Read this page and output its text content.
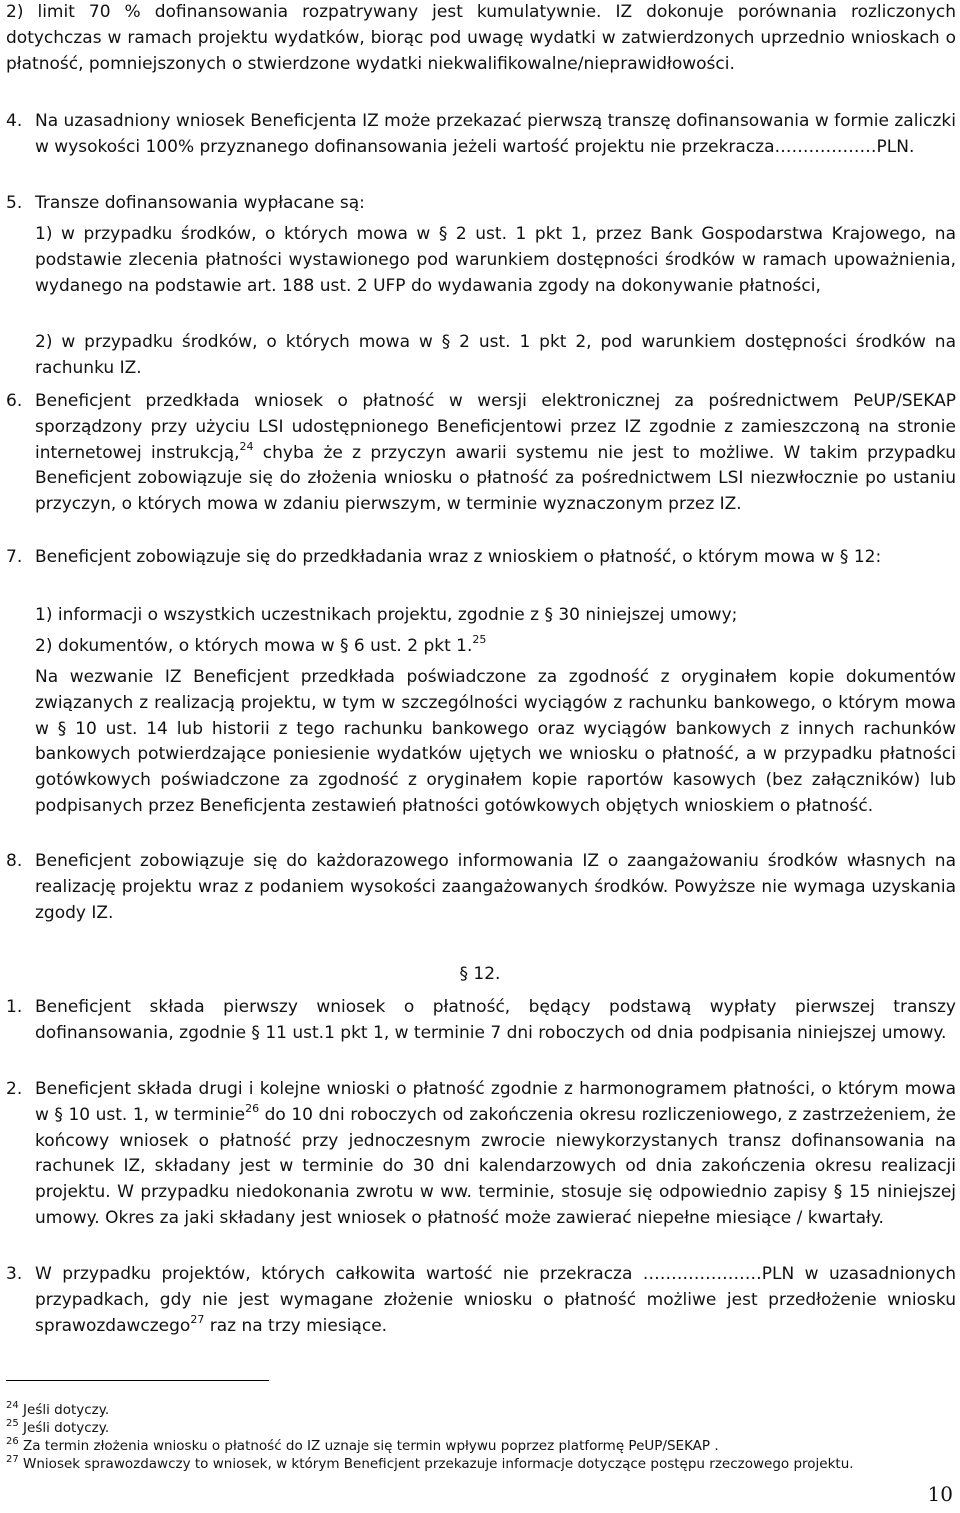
2) limit 70 % dofinansowania rozpatrywany jest kumulatywnie. IZ dokonuje porównania rozliczonych dotychczas w ramach projektu wydatków, biorąc pod uwagę wydatki w zatwierdzonych uprzednio wnioskach o płatność, pomniejszonych o stwierdzone wydatki niekwalifikowalne/nieprawidłowości.

4. Na uzasadniony wniosek Beneficjenta IZ może przekazać pierwszą transzę dofinansowania w formie zaliczki w wysokości 100% przyznanego dofinansowania jeżeli wartość projektu nie przekracza………………PLN.

5. Transze dofinansowania wypłacane są:

1) w przypadku środków, o których mowa w § 2 ust. 1 pkt 1, przez Bank Gospodarstwa Krajowego, na podstawie zlecenia płatności wystawionego pod warunkiem dostępności środków w ramach upoważnienia, wydanego na podstawie art. 188 ust. 2 UFP do wydawania zgody na dokonywanie płatności,

2) w przypadku środków, o których mowa w § 2 ust. 1 pkt 2, pod warunkiem dostępności środków na rachunku IZ.

6. Beneficjent przedkłada wniosek o płatność w wersji elektronicznej za pośrednictwem PeUP/SEKAP sporządzony przy użyciu LSI udostępnionego Beneficjentowi przez IZ zgodnie z zamieszczoną na stronie internetowej instrukcją,$^{24}$ chyba że z przyczyn awarii systemu nie jest to możliwe. W takim przypadku Beneficjent zobowiązuje się do złożenia wniosku o płatność za pośrednictwem LSI niezwłocznie po ustaniu przyczyn, o których mowa w zdaniu pierwszym, w terminie wyznaczonym przez IZ.

7. Beneficjent zobowiązuje się do przedkładania wraz z wnioskiem o płatność, o którym mowa w § 12:

1) informacji o wszystkich uczestnikach projektu, zgodnie z § 30 niniejszej umowy;

2) dokumentów, o których mowa w § 6 ust. 2 pkt 1.25

Na wezwanie IZ Beneficjent przedkłada poświadczone za zgodność z oryginałem kopie dokumentów związanych z realizacją projektu, w tym w szczególności wyciągów z rachunku bankowego, o którym mowa w § 10 ust. 14 lub historii z tego rachunku bankowego oraz wyciągów bankowych z innych rachunków bankowych potwierdzające poniesienie wydatków ujętych we wniosku o płatność, a w przypadku płatności gotówkowych poświadczone za zgodność z oryginałem kopie raportów kasowych (bez załączników) lub podpisanych przez Beneficjenta zestawień płatności gotówkowych objętych wnioskiem o płatność.

8. Beneficjent zobowiązuje się do każdorazowego informowania IZ o zaangażowaniu środków własnych na realizację projektu wraz z podaniem wysokości zaangażowanych środków. Powyższe nie wymaga uzyskania zgody IZ.

§ 12.

1. Beneficjent składa pierwszy wniosek o płatność, będący podstawą wypłaty pierwszej transzy dofinansowania, zgodnie § 11 ust.1 pkt 1, w terminie 7 dni roboczych od dnia podpisania niniejszej umowy.

2. Beneficjent składa drugi i kolejne wnioski o płatność zgodnie z harmonogramem płatności, o którym mowa w § 10 ust. 1, w terminie$^{26}$ do 10 dni roboczych od zakończenia okresu rozliczeniowego, z zastrzeżeniem, że końcowy wniosek o płatność przy jednoczesnym zwrocie niewykorzystanych transz dofinansowania na rachunek IZ, składany jest w terminie do 30 dni kalendarzowych od dnia zakończenia okresu realizacji projektu. W przypadku niedokonania zwrotu w ww. terminie, stosuje się odpowiednio zapisy § 15 niniejszej umowy. Okres za jaki składany jest wniosek o płatność może zawierać niepełne miesiące / kwartały.

3. W przypadku projektów, których całkowita wartość nie przekracza …………………PLN w uzasadnionych przypadkach, gdy nie jest wymagane złożenie wniosku o płatność możliwe jest przedłożenie wniosku sprawozdawczego$^{27}$ raz na trzy miesiące.

$^{24}$ Jeśli dotyczy.
$^{25}$ Jeśli dotyczy.
$^{26}$ Za termin złożenia wniosku o płatność do IZ uznaje się termin wpływu poprzez platformę PeUP/SEKAP .
$^{27}$ Wniosek sprawozdawczy to wniosek, w którym Beneficjent przekazuje informacje dotyczące postępu rzeczowego projektu.
10
